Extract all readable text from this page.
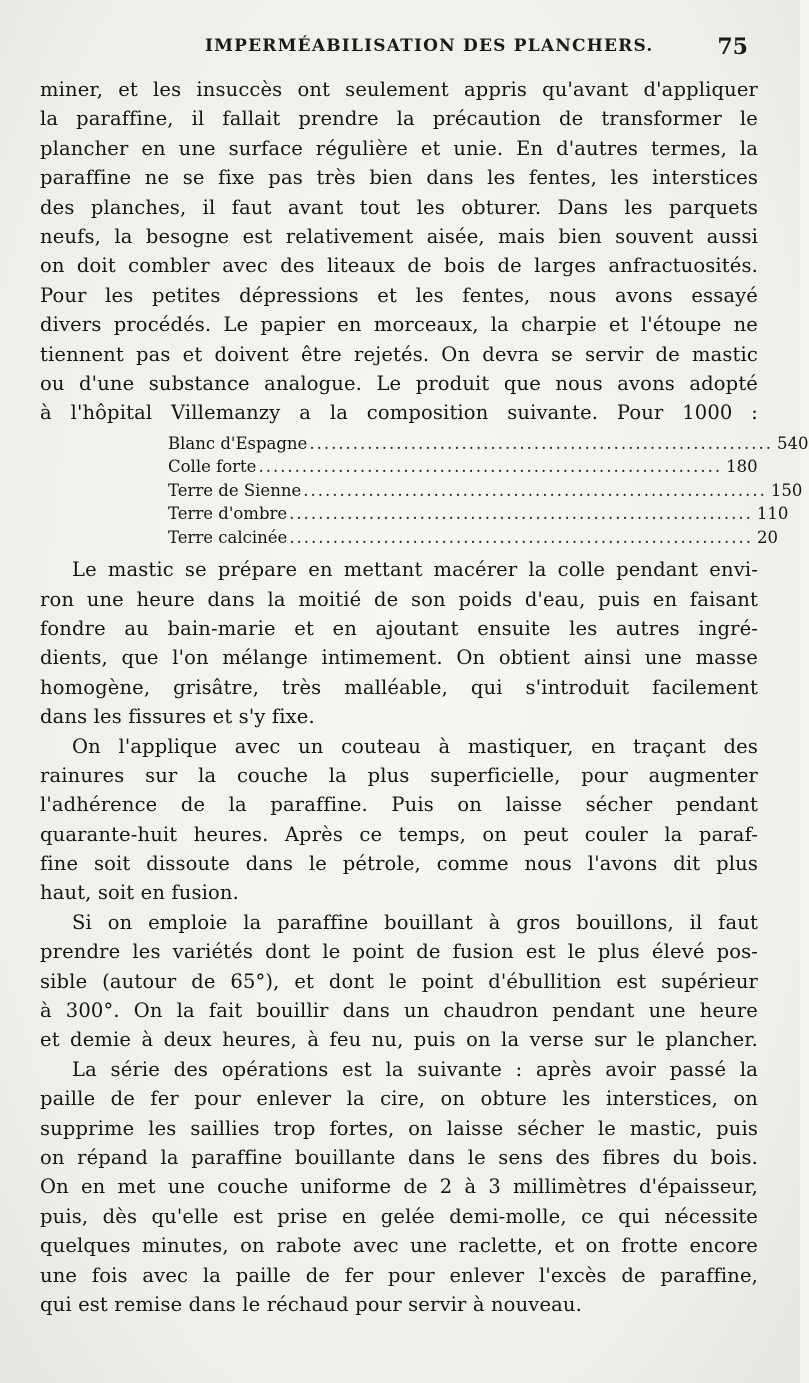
IMPERMÉABILISATION DES PLANCHERS.	75
miner, et les insuccès ont seulement appris qu'avant d'appliquer
la paraffine, il fallait prendre la précaution de transformer le
plancher en une surface régulière et unie. En d'autres termes, la
paraffine ne se fixe pas très bien dans les fentes, les interstices
des planches, il faut avant tout les obturer. Dans les parquets
neufs, la besogne est relativement aisée, mais bien souvent aussi
on doit combler avec des liteaux de bois de larges anfractuosités.
Pour les petites dépressions et les fentes, nous avons essayé
divers procédés. Le papier en morceaux, la charpie et l'étoupe ne
tiennent pas et doivent être rejetés. On devra se servir de mastic
ou d'une substance analogue. Le produit que nous avons adopté
à l'hôpital Villemanzy a la composition suivante. Pour 1000 :
Blanc d'Espagne ................................................................ 540
Colle forte ................................................................ 180
Terre de Sienne ................................................................ 150
Terre d'ombre ................................................................ 110
Terre calcinée ................................................................ 20
Le mastic se prépare en mettant macérer la colle pendant envi-
ron une heure dans la moitié de son poids d'eau, puis en faisant
fondre au bain-marie et en ajoutant ensuite les autres ingré-
dients, que l'on mélange intimement. On obtient ainsi une masse
homogène, grisâtre, très malléable, qui s'introduit facilement
dans les fissures et s'y fixe.
On l'applique avec un couteau à mastiquer, en traçant des
rainures sur la couche la plus superficielle, pour augmenter
l'adhérence de la paraffine. Puis on laisse sécher pendant
quarante-huit heures. Après ce temps, on peut couler la paraf-
fine soit dissoute dans le pétrole, comme nous l'avons dit plus
haut, soit en fusion.
Si on emploie la paraffine bouillant à gros bouillons, il faut
prendre les variétés dont le point de fusion est le plus élevé pos-
sible (autour de 65°), et dont le point d'ébullition est supérieur
à 300°. On la fait bouillir dans un chaudron pendant une heure
et demie à deux heures, à feu nu, puis on la verse sur le plancher.
La série des opérations est la suivante : après avoir passé la
paille de fer pour enlever la cire, on obture les interstices, on
supprime les saillies trop fortes, on laisse sécher le mastic, puis
on répand la paraffine bouillante dans le sens des fibres du bois.
On en met une couche uniforme de 2 à 3 millimètres d'épaisseur,
puis, dès qu'elle est prise en gelée demi-molle, ce qui nécessite
quelques minutes, on rabote avec une raclette, et on frotte encore
une fois avec la paille de fer pour enlever l'excès de paraffine,
qui est remise dans le réchaud pour servir à nouveau.
